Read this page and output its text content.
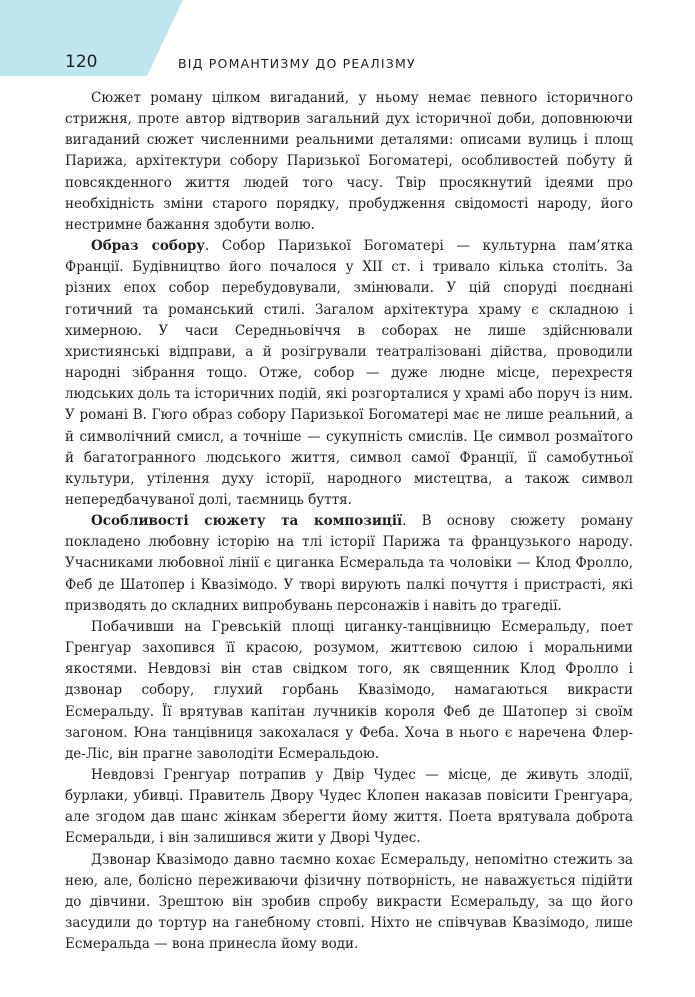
120	ВІД РОМАНТИЗМУ ДО РЕАЛІЗМУ

Сюжет роману цілком вигаданий, у ньому немає певного історичного стрижня, проте автор відтворив загальний дух історичної доби, доповнюючи вигаданий сюжет численними реальними деталями: описами вулиць і площ Парижа, архітектури собору Паризької Богоматері, особливостей побуту й повсякденного життя людей того часу. Твір просякнутий ідеями про необхідність зміни старого порядку, пробудження свідомості народу, його нестримне бажання здобути волю.

Образ собору. Собор Паризької Богоматері — культурна пам’ятка Франції. Будівництво його почалося у XII ст. і тривало кілька століть. За різних епох собор перебудовували, змінювали. У цій споруді поєднані готичний та романський стилі. Загалом архітектура храму є складною і химерною. У часи Середньовіччя в соборах не лише здійснювали християнські відправи, а й розігрували театралізовані дійства, проводили народні зібрання тощо. Отже, собор — дуже людне місце, перехрестя людських доль та історичних подій, які розгорталися у храмі або поруч із ним. У романі В. Гюго образ собору Паризької Богоматері має не лише реальний, а й символічний смисл, а точніше — сукупність смислів. Це символ розмаїтого й багатогранного людського життя, символ самої Франції, її самобутньої культури, утілення духу історії, народного мистецтва, а також символ непередбачуваної долі, таємниць буття.

Особливості сюжету та композиції. В основу сюжету роману покладено любовну історію на тлі історії Парижа та французького народу. Учасниками любовної лінії є циганка Есмеральда та чоловіки — Клод Фролло, Феб де Шатопер і Квазімодо. У творі вирують палкі почуття і пристрасті, які призводять до складних випробувань персонажів і навіть до трагедії.

Побачивши на Гревській площі циганку-танцівницю Есмеральду, поет Гренгуар захопився її красою, розумом, життєвою силою і моральними якостями. Невдовзі він став свідком того, як священник Клод Фролло і дзвонар собору, глухий горбань Квазімодо, намагаються викрасти Есмеральду. Її врятував капітан лучників короля Феб де Шатопер зі своїм загоном. Юна танцівниця закохалася у Феба. Хоча в нього є наречена Флер-де-Ліс, він прагне заволодіти Есмеральдою.

Невдовзі Гренгуар потрапив у Двір Чудес — місце, де живуть злодії, бурлаки, убивці. Правитель Двору Чудес Клопен наказав повісити Гренгуара, але згодом дав шанс жінкам зберегти йому життя. Поета врятувала доброта Есмеральди, і він залишився жити у Дворі Чудес.

Дзвонар Квазімодо давно таємно кохає Есмеральду, непомітно стежить за нею, але, болісно переживаючи фізичну потворність, не наважується підійти до дівчини. Зрештою він зробив спробу викрасти Есмеральду, за що його засудили до тортур на ганебному стовпі. Ніхто не співчував Квазімодо, лише Есмеральда — вона принесла йому води.
